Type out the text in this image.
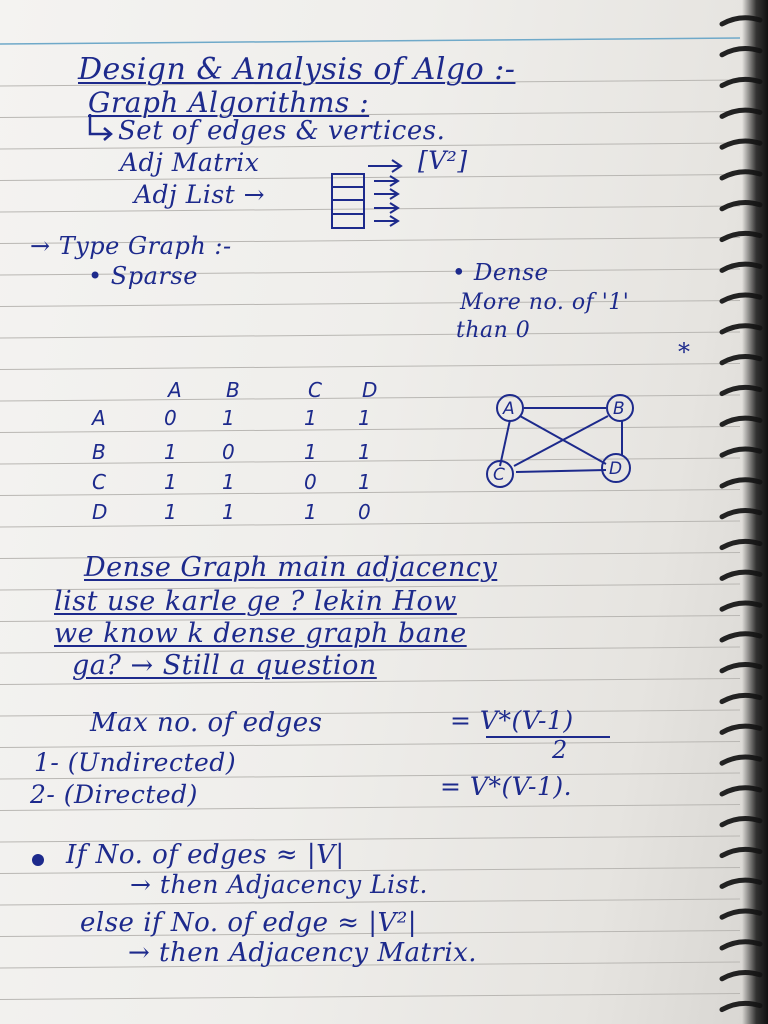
Design & Analysis of Algo :-
Graph Algorithms :
Set of edges & vertices.
Adj Matrix	[V²]
Adj List →
→ Type Graph :-
• Sparse	• Dense
More no. of '1'
than 0
*
A B	C D
A	0 1	1 1
B	1 0	1 1
C	1 1	0 1
D	1 1	1 0
A	B
C	D
Dense Graph main adjacency
list use karle ge ? lekin How
we know k dense graph bane
ga? → Still a question
Max no. of edges	= V*(V-1)
2
1- (Undirected)
2- (Directed)	= V*(V-1).
If No. of edges ≈ |V|
→ then Adjacency List.
else if No. of edge ≈ |V²|
→ then Adjacency Matrix.
